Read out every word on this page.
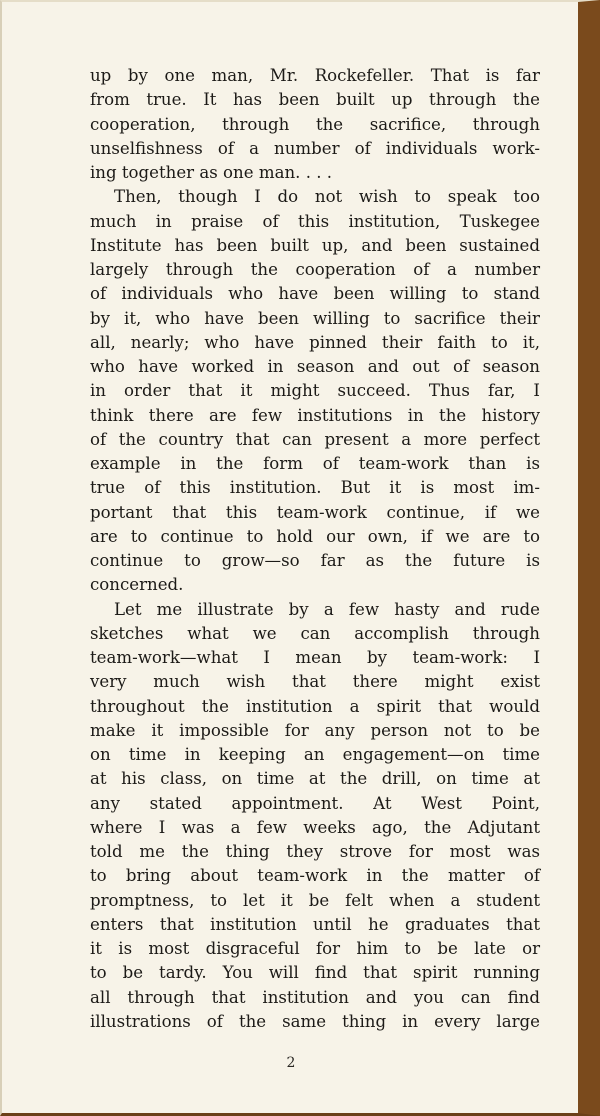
up by one man, Mr. Rockefeller. That is far
from true. It has been built up through the
cooperation, through the sacrifice, through
unselfishness of a number of individuals work-
ing together as one man. . . .
Then, though I do not wish to speak too
much in praise of this institution, Tuskegee
Institute has been built up, and been sustained
largely through the cooperation of a number
of individuals who have been willing to stand
by it, who have been willing to sacrifice their
all, nearly; who have pinned their faith to it,
who have worked in season and out of season
in order that it might succeed. Thus far, I
think there are few institutions in the history
of the country that can present a more perfect
example in the form of team-work than is
true of this institution. But it is most im-
portant that this team-work continue, if we
are to continue to hold our own, if we are to
continue to grow—so far as the future is
concerned.
Let me illustrate by a few hasty and rude
sketches what we can accomplish through
team-work—what I mean by team-work: I
very much wish that there might exist
throughout the institution a spirit that would
make it impossible for any person not to be
on time in keeping an engagement—on time
at his class, on time at the drill, on time at
any stated appointment. At West Point,
where I was a few weeks ago, the Adjutant
told me the thing they strove for most was
to bring about team-work in the matter of
promptness, to let it be felt when a student
enters that institution until he graduates that
it is most disgraceful for him to be late or
to be tardy. You will find that spirit running
all through that institution and you can find
illustrations of the same thing in every large
2
